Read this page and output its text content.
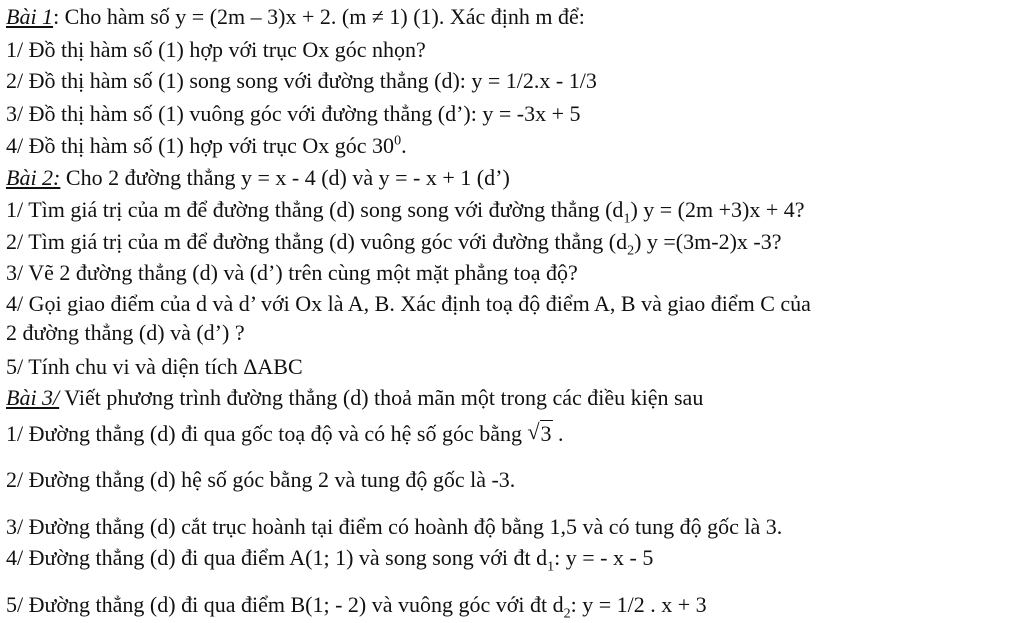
Bài 1: Cho hàm số y = (2m – 3)x + 2. (m ≠ 1) (1). Xác định m để:
1/ Đồ thị hàm số (1) hợp với trục Ox góc nhọn?
2/ Đồ thị hàm số (1) song song với đường thẳng (d): y = 1/2.x - 1/3
3/ Đồ thị hàm số (1) vuông góc với đường thẳng (d’): y = -3x + 5
4/ Đồ thị hàm số (1) hợp với trục Ox góc $30^0$.
Bài 2: Cho 2 đường thẳng y = x - 4 (d) và y = - x + 1 (d’)
1/ Tìm giá trị của m để đường thẳng (d) song song với đường thẳng $(d_1) y = (2m +3)x + 4$?
2/ Tìm giá trị của m để đường thẳng (d) vuông góc với đường thẳng $(d_2)$ y =(3m-2)x -3?
3/ Vẽ 2 đường thẳng (d) và (d’) trên cùng một mặt phẳng toạ độ?
4/ Gọi giao điểm của d và d’ với Ox là A, B. Xác định toạ độ điểm A, B và giao điểm C của
2 đường thẳng (d) và (d’) ?
5/ Tính chu vi và diện tích ΔABC
Bài 3/ Viết phương trình đường thẳng (d) thoả mãn một trong các điều kiện sau
1/ Đường thẳng (d) đi qua gốc toạ độ và có hệ số góc bằng √ 3 .
2/ Đường thẳng (d) hệ số góc bằng 2 và tung độ gốc là -3.
3/ Đường thẳng (d) cắt trục hoành tại điểm có hoành độ bằng 1,5 và có tung độ gốc là 3.
4/ Đường thẳng (d) đi qua điểm A(1; 1) và song song với đt $d_1$: y = - x - 5
5/ Đường thẳng (d) đi qua điểm B(1; - 2) và vuông góc với đt $d_2$: y = 1/2 . x + 3
